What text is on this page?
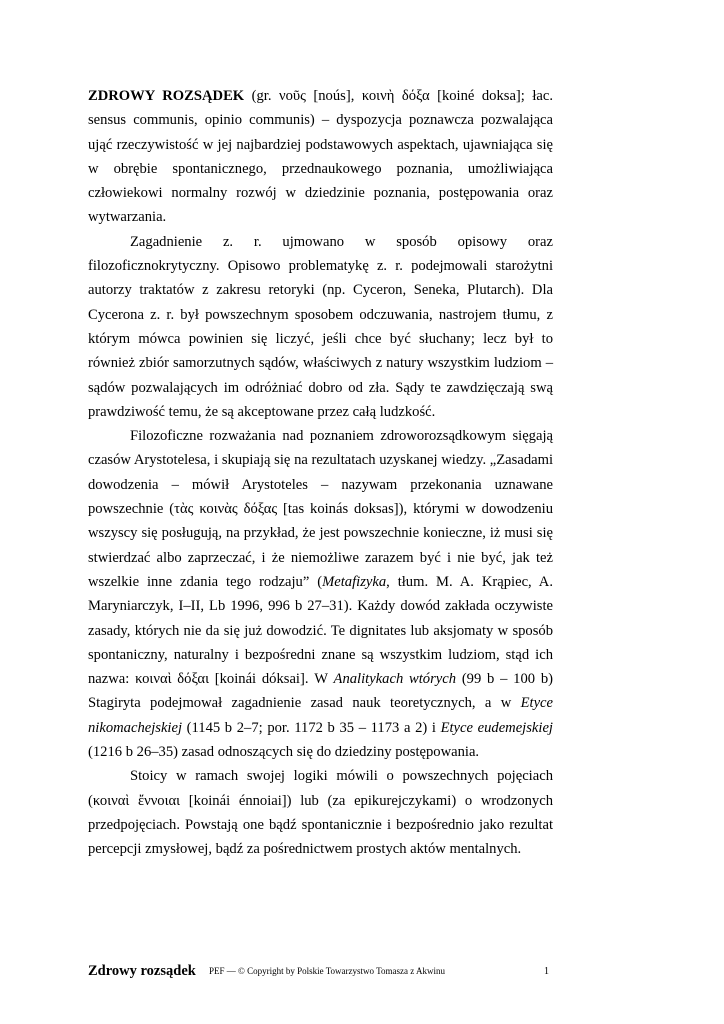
ZDROWY ROZSĄDEK (gr. νοῦς [noús], κοινὴ δόξα [koiné doksa]; łac. sensus communis, opinio communis) – dyspozycja poznawcza pozwalająca ująć rzeczywistość w jej najbardziej podstawowych aspektach, ujawniająca się w obrębie spontanicznego, przednaukowego poznania, umożliwiająca człowiekowi normalny rozwój w dziedzinie poznania, postępowania oraz wytwarzania.

Zagadnienie z. r. ujmowano w sposób opisowy oraz filozoficznokrytyczny. Opisowo problematykę z. r. podejmowali starożytni autorzy traktatów z zakresu retoryki (np. Cyceron, Seneka, Plutarch). Dla Cycerona z. r. był powszechnym sposobem odczuwania, nastrojem tłumu, z którym mówca powinien się liczyć, jeśli chce być słuchany; lecz był to również zbiór samorzutnych sądów, właściwych z natury wszystkim ludziom – sądów pozwalających im odróżniać dobro od zła. Sądy te zawdzięczają swą prawdziwość temu, że są akceptowane przez całą ludzkość.

Filozoficzne rozważania nad poznaniem zdroworozsądkowym sięgają czasów Arystotelesa, i skupiają się na rezultatach uzyskanej wiedzy. „Zasadami dowodzenia – mówił Arystoteles – nazywam przekonania uznawane powszechnie (τὰς κοινὰς δόξας [tas koinás doksas]), którymi w dowodzeniu wszyscy się posługują, na przykład, że jest powszechnie konieczne, iż musi się stwierdzać albo zaprzeczać, i że niemożliwe zarazem być i nie być, jak też wszelkie inne zdania tego rodzaju” (Metafizyka, tłum. M. A. Krąpiec, A. Maryniarczyk, I–II, Lb 1996, 996 b 27–31). Każdy dowód zakłada oczywiste zasady, których nie da się już dowodzić. Te dignitates lub aksjomaty w sposób spontaniczny, naturalny i bezpośredni znane są wszystkim ludziom, stąd ich nazwa: κοιναὶ δόξαι [koinái dóksai]. W Analitykach wtórych (99 b – 100 b) Stagiryta podejmował zagadnienie zasad nauk teoretycznych, a w Etyce nikomachejskiej (1145 b 2–7; por. 1172 b 35 – 1173 a 2) i Etyce eudemejskiej (1216 b 26–35) zasad odnoszących się do dziedziny postępowania.

Stoicy w ramach swojej logiki mówili o powszechnych pojęciach (κοιναὶ ἔννοιαι [koinái énnoiai]) lub (za epikurejczykami) o wrodzonych przedpojęciach. Powstają one bądź spontanicznie i bezpośrednio jako rezultat percepcji zmysłowej, bądź za pośrednictwem prostych aktów mentalnych.

Zdrowy rozsądek PEF — © Copyright by Polskie Towarzystwo Tomasza z Akwinu	1
